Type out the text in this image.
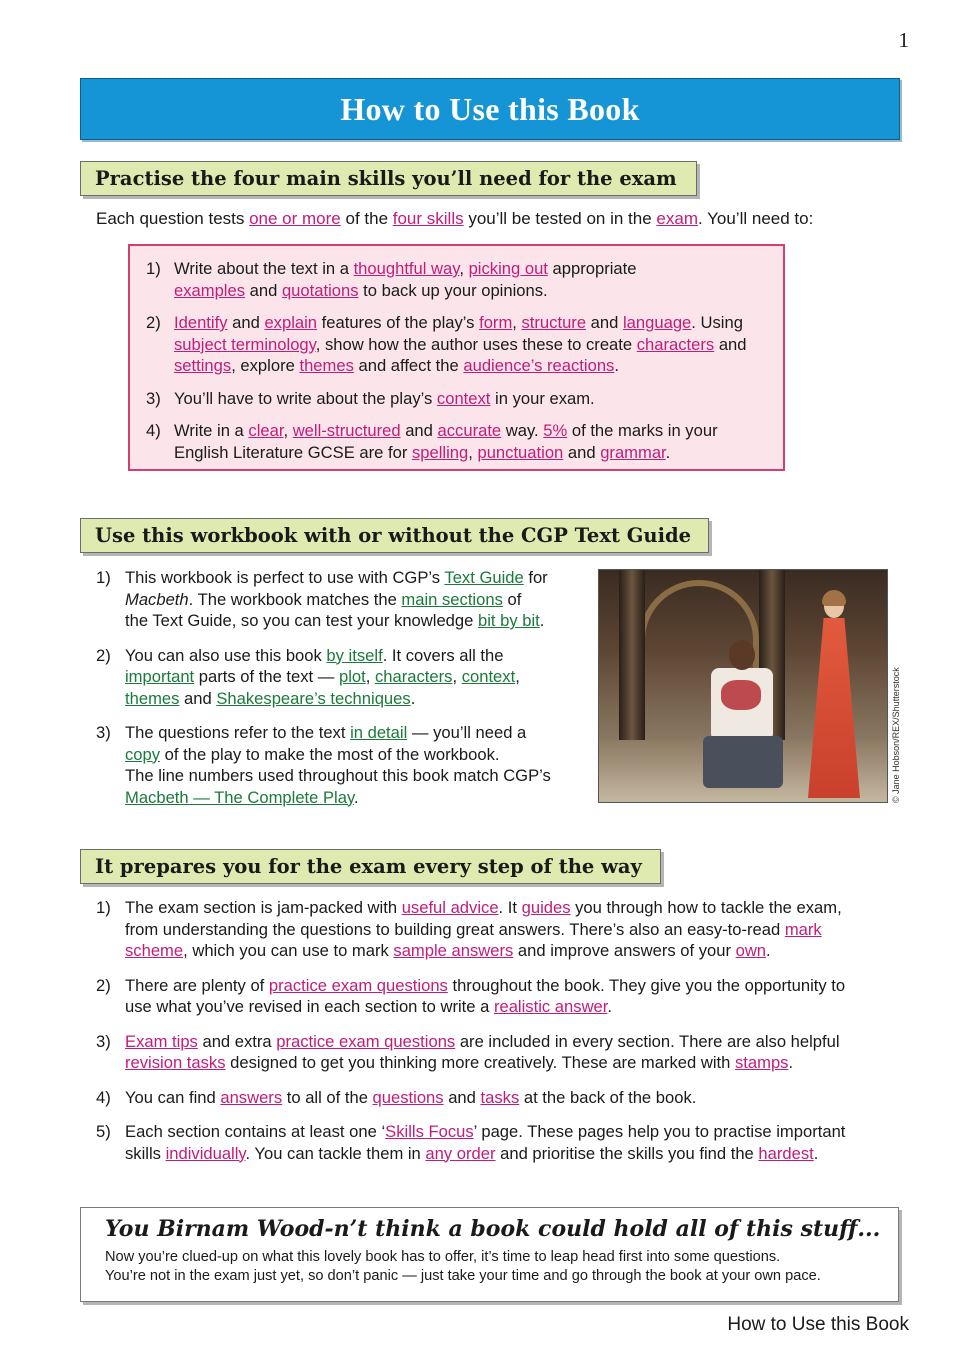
1
How to Use this Book
Practise the four main skills you’ll need for the exam
Each question tests one or more of the four skills you’ll be tested on in the exam. You’ll need to:
1) Write about the text in a thoughtful way, picking out appropriate
examples and quotations to back up your opinions.
2) Identify and explain features of the play’s form, structure and language. Using
subject terminology, show how the author uses these to create characters and
settings, explore themes and affect the audience’s reactions.
3) You’ll have to write about the play’s context in your exam.
4) Write in a clear, well-structured and accurate way. 5% of the marks in your
English Literature GCSE are for spelling, punctuation and grammar.
Use this workbook with or without the CGP Text Guide
1) This workbook is perfect to use with CGP’s Text Guide for
Macbeth. The workbook matches the main sections of
the Text Guide, so you can test your knowledge bit by bit.
2) You can also use this book by itself. It covers all the
important parts of the text — plot, characters, context,
themes and Shakespeare’s techniques.
3) The questions refer to the text in detail — you’ll need a
copy of the play to make the most of the workbook.
The line numbers used throughout this book match CGP’s
Macbeth — The Complete Play.	© Jane Hobson/REX/Shutterstock
It prepares you for the exam every step of the way
1) The exam section is jam-packed with useful advice. It guides you through how to tackle the exam,
from understanding the questions to building great answers. There’s also an easy-to-read mark
scheme, which you can use to mark sample answers and improve answers of your own.
2) There are plenty of practice exam questions throughout the book. They give you the opportunity to
use what you’ve revised in each section to write a realistic answer.
3) Exam tips and extra practice exam questions are included in every section. There are also helpful
revision tasks designed to get you thinking more creatively. These are marked with stamps.
4) You can find answers to all of the questions and tasks at the back of the book.
5) Each section contains at least one ‘Skills Focus’ page. These pages help you to practise important
skills individually. You can tackle them in any order and prioritise the skills you find the hardest.
You Birnam Wood-n’t think a book could hold all of this stuff...

Now you’re clued-up on what this lovely book has to offer, it’s time to leap head first into some questions.

You’re not in the exam just yet, so don’t panic — just take your time and go through the book at your own pace.

How to Use this Book
